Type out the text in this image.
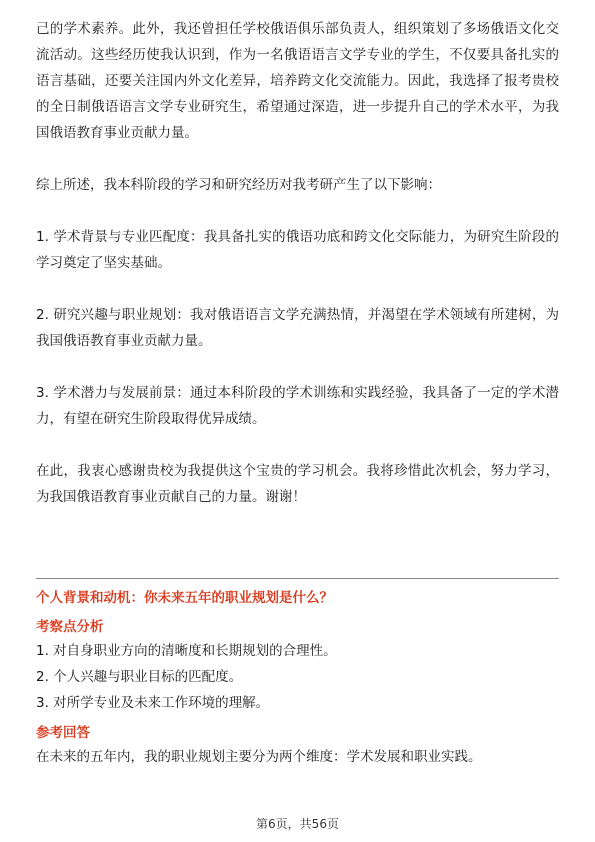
己的学术素养。此外，我还曾担任学校俄语俱乐部负责人，组织策划了多场俄语文化交流活动。这些经历使我认识到，作为一名俄语语言文学专业的学生，不仅要具备扎实的语言基础，还要关注国内外文化差异，培养跨文化交流能力。因此，我选择了报考贵校的全日制俄语语言文学专业研究生，希望通过深造，进一步提升自己的学术水平，为我国俄语教育事业贡献力量。

综上所述，我本科阶段的学习和研究经历对我考研产生了以下影响：

1. 学术背景与专业匹配度：我具备扎实的俄语功底和跨文化交际能力，为研究生阶段的学习奠定了坚实基础。

2. 研究兴趣与职业规划：我对俄语语言文学充满热情，并渴望在学术领域有所建树，为我国俄语教育事业贡献力量。

3. 学术潜力与发展前景：通过本科阶段的学术训练和实践经验，我具备了一定的学术潜力，有望在研究生阶段取得优异成绩。

在此，我衷心感谢贵校为我提供这个宝贵的学习机会。我将珍惜此次机会，努力学习，为我国俄语教育事业贡献自己的力量。谢谢！

个人背景和动机：你未来五年的职业规划是什么？

考察点分析

1. 对自身职业方向的清晰度和长期规划的合理性。

2. 个人兴趣与职业目标的匹配度。

3. 对所学专业及未来工作环境的理解。

参考回答

在未来的五年内，我的职业规划主要分为两个维度：学术发展和职业实践。

第6页，共56页
